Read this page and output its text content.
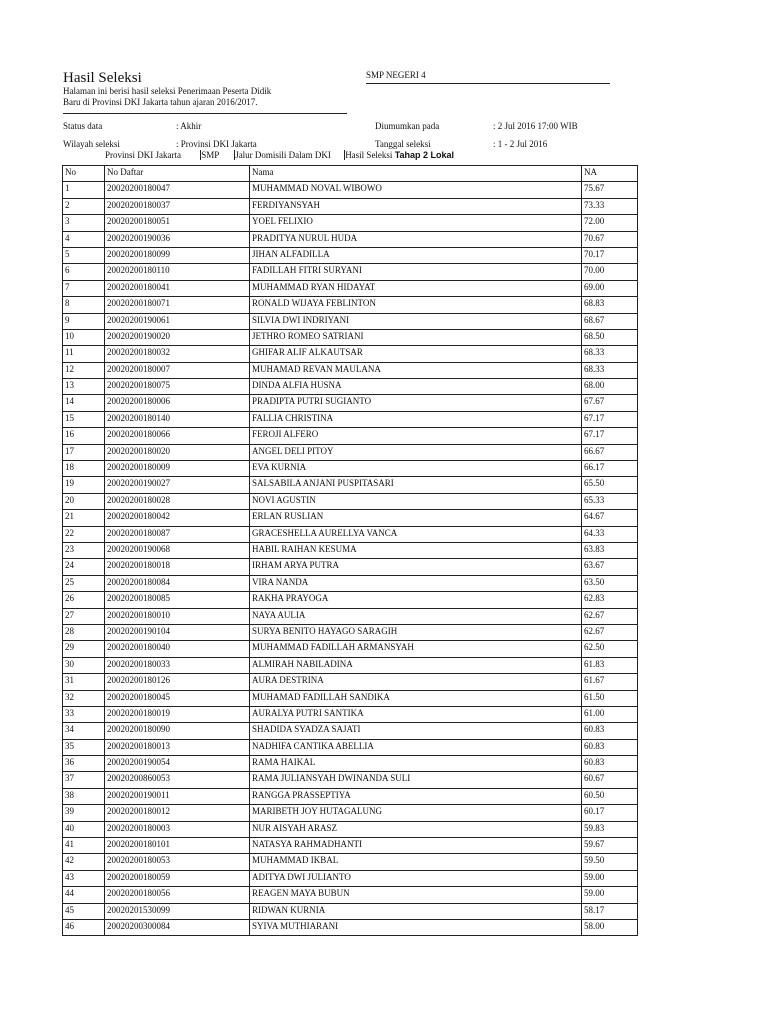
Hasil Seleksi
Halaman ini berisi hasil seleksi Penerimaan Peserta Didik
Baru di Provinsi DKI Jakarta tahun ajaran 2016/2017.
SMP NEGERI 4
Status data	: Akhir	Diumumkan pada	: 2 Jul 2016 17:00 WIB
Wilayah seleksi	: Provinsi DKI Jakarta	Tanggal seleksi	: 1 - 2 Jul 2016
Provinsi DKI Jakarta SMP Jalur Domisili Dalam DKI Hasil Seleksi Tahap 2 Lokal
No	No Daftar	Nama	NA
1	20020200180047	MUHAMMAD NOVAL WIBOWO	75.67
2	20020200180037	FERDIYANSYAH	73.33
3	20020200180051	YOEL FELIXIO	72.00
4	20020200190036	PRADITYA NURUL HUDA	70.67
5	20020200180099	JIHAN ALFADILLA	70.17
6	20020200180110	FADILLAH FITRI SURYANI	70.00
7	20020200180041	MUHAMMAD RYAN HIDAYAT	69.00
8	20020200180071	RONALD WIJAYA FEBLINTON	68.83
9	20020200190061	SILVIA DWI INDRIYANI	68.67
10	20020200190020	JETHRO ROMEO SATRIANI	68.50
11	20020200180032	GHIFAR ALIF ALKAUTSAR	68.33
12	20020200180007	MUHAMAD REVAN MAULANA	68.33
13	20020200180075	DINDA ALFIA HUSNA	68.00
14	20020200180006	PRADIPTA PUTRI SUGIANTO	67.67
15	20020200180140	FALLIA CHRISTINA	67.17
16	20020200180066	FEROJI ALFERO	67.17
17	20020200180020	ANGEL DELI PITOY	66.67
18	20020200180009	EVA KURNIA	66.17
19	20020200190027	SALSABILA ANJANI PUSPITASARI	65.50
20	20020200180028	NOVI AGUSTIN	65.33
21	20020200180042	ERLAN RUSLIAN	64.67
22	20020200180087	GRACESHELLA AURELLYA VANCA	64.33
23	20020200190068	HABIL RAIHAN KESUMA	63.83
24	20020200180018	IRHAM ARYA PUTRA	63.67
25	20020200180084	VIRA NANDA	63.50
26	20020200180085	RAKHA PRAYOGA	62.83
27	20020200180010	NAYA AULIA	62.67
28	20020200190104	SURYA BENITO HAYAGO SARAGIH	62.67
29	20020200180040	MUHAMMAD FADILLAH ARMANSYAH	62.50
30	20020200180033	ALMIRAH NABILADINA	61.83
31	20020200180126	AURA DESTRINA	61.67
32	20020200180045	MUHAMAD FADILLAH SANDIKA	61.50
33	20020200180019	AURALYA PUTRI SANTIKA	61.00
34	20020200180090	SHADIDA SYADZA SAJATI	60.83
35	20020200180013	NADHIFA CANTIKA ABELLIA	60.83
36	20020200190054	RAMA HAIKAL	60.83
37	20020200860053	RAMA JULIANSYAH DWINANDA SULI	60.67
38	20020200190011	RANGGA PRASSEPTIYA	60.50
39	20020200180012	MARIBETH JOY HUTAGALUNG	60.17
40	20020200180003	NUR AISYAH ARASZ	59.83
41	20020200180101	NATASYA RAHMADHANTI	59.67
42	20020200180053	MUHAMMAD IKBAL	59.50
43	20020200180059	ADITYA DWI JULIANTO	59.00
44	20020200180056	REAGEN MAYA BUBUN	59.00
45	20020201530099	RIDWAN KURNIA	58.17
46	20020200300084	SYIVA MUTHIARANI	58.00
